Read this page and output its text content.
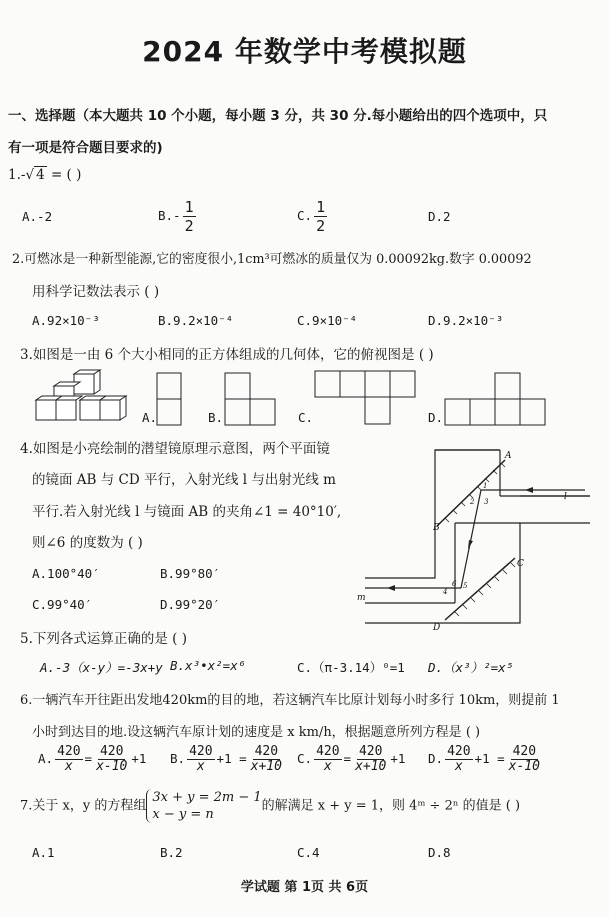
2024 年数学中考模拟题
一、选择题（本大题共 10 个小题，每小题 3 分，共 30 分.每小题给出的四个选项中，只
有一项是符合题目要求的)
1.-√ 4 = ( )
A.-2	$B.- \frac{1}{2}$	C. $\frac{1}{2}$	D.2
2.可燃冰是一种新型能源,它的密度很小,1cm³可燃冰的质量仅为 0.00092kg.数字 0.00092
用科学记数法表示 ( )
A.92×10⁻³	B.9.2×10⁻⁴	C.9×10⁻⁴	D.9.2×10⁻³
3.如图是一由 6 个大小相同的正方体组成的几何体，它的俯视图是 ( )
A.	B.	C.	D.
4.如图是小亮绘制的潜望镜原理示意图，两个平面镜
的镜面 AB 与 CD 平行，入射光线 l 与出射光线 m
平行.若入射光线 l 与镜面 AB 的夹角∠1 = 40°10′,
则∠6 的度数为 ( )
A.100°40′	B.99°80′
C.99°40′	D.99°20′
A
B
C
D
l
m
1
2 3
4
5
6
5.下列各式运算正确的是 ( )
A.-3（x-y）=-3x+y B.x³•x²=x⁶	C.（π-3.14）⁰=1 D.（x³）²=x⁵
6.一辆汽车开往距出发地420km的目的地，若这辆汽车比原计划每小时多行 10km，则提前 1
小时到达目的地.设这辆汽车原计划的速度是 x km/h，根据题意所列方程是 ( )
A. $\frac{420}{x} = \frac{420}{x-10} +1$ B. $\frac{420}{x} +1 = \frac{420}{x+10} C$. $\frac{420}{x} = \frac{420}{x+10} +1$ D. $\frac{420}{x} +1 = \frac{420}{x-10}$
7.关于 x，y 的方程组3x + y = 2m − 1
x − y = n的解满足 x + y = 1，则 4ᵐ ÷ 2ⁿ 的值是 ( )
A.1	B.2	C.4	D.8
学试题 第 1页 共 6页
